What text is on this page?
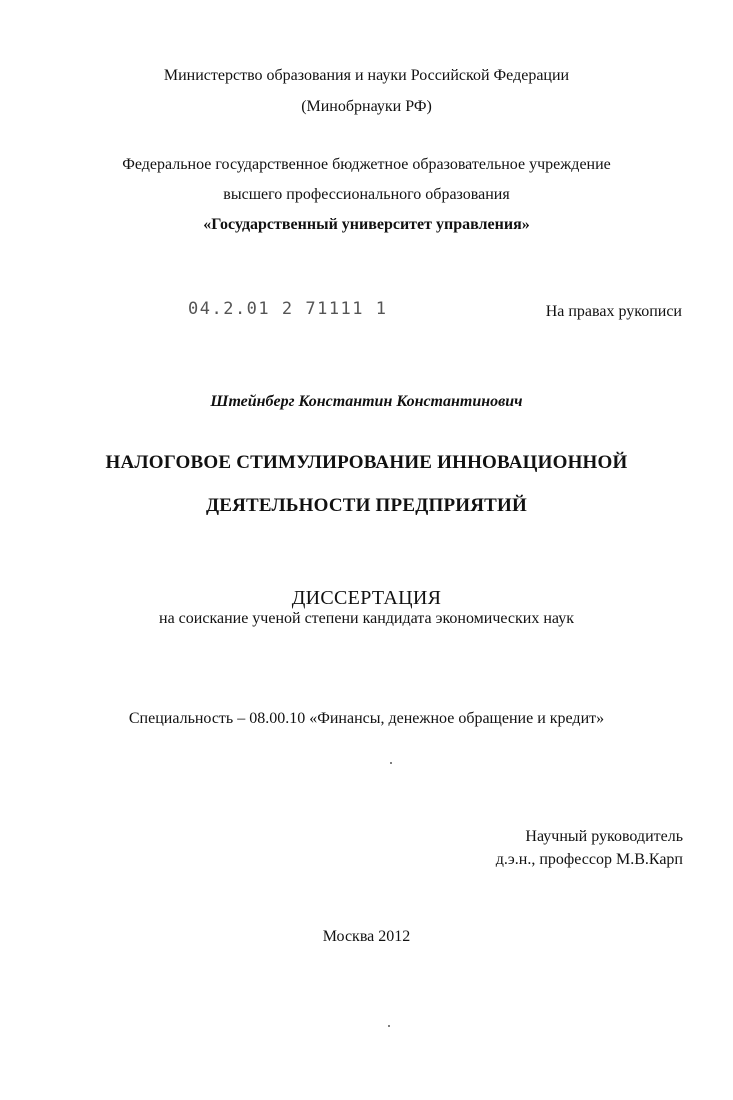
Министерство образования и науки Российской Федерации
(Минобрнауки РФ)
Федеральное государственное бюджетное образовательное учреждение
высшего профессионального образования
«Государственный университет управления»
04.2.01 2 71111 1	На правах рукописи
Штейнберг Константин Константинович
НАЛОГОВОЕ СТИМУЛИРОВАНИЕ ИННОВАЦИОННОЙ
ДЕЯТЕЛЬНОСТИ ПРЕДПРИЯТИЙ
ДИССЕРТАЦИЯ
на соискание ученой степени кандидата экономических наук
Специальность – 08.00.10 «Финансы, денежное обращение и кредит»
Научный руководитель
д.э.н., профессор М.В.Карп
Москва 2012
